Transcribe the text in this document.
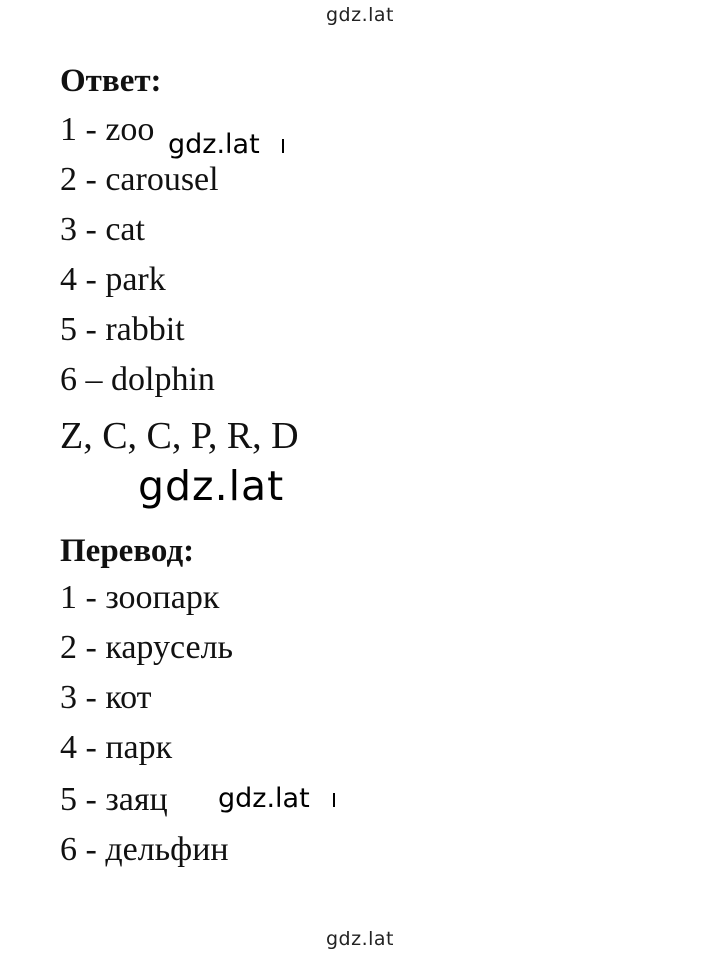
gdz.lat
Ответ:
1 - zoo gdz.lat
2 - carousel
3 - cat
4 - park
5 - rabbit
6 – dolphin
Z, C, C, P, R, D
gdz.lat
Перевод:
1 - зоопарк
2 - карусель
3 - кот
4 - парк
5 - заяц gdz.lat
6 - дельфин
gdz.lat
